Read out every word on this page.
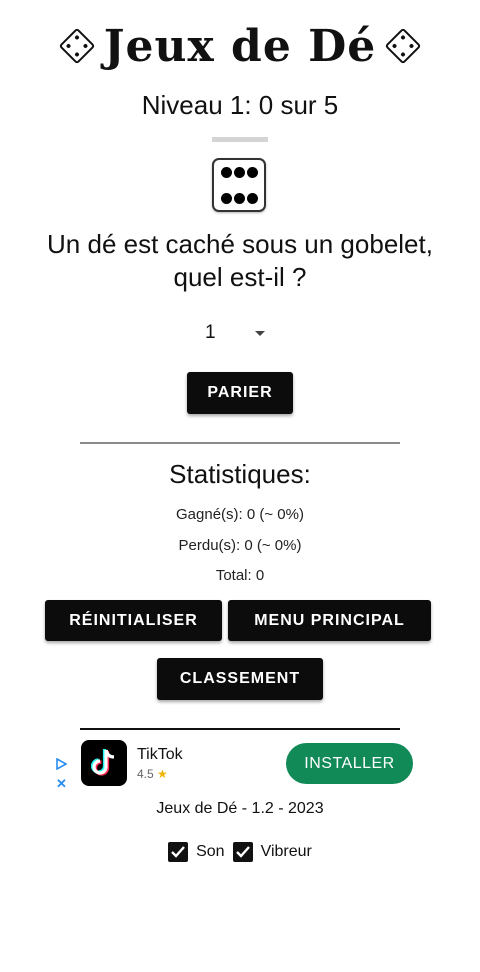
Jeux de Dé
Niveau 1: 0 sur 5
Un dé est caché sous un gobelet,
quel est-il ?
1
PARIER
Statistiques:
Gagné(s): 0 (~ 0%)
Perdu(s): 0 (~ 0%)
Total: 0
RÉINITIALISER	MENU PRINCIPAL
CLASSEMENT
✕
TikTok
4.5 ★
INSTALLER
Jeux de Dé - 1.2 - 2023
Son Vibreur
